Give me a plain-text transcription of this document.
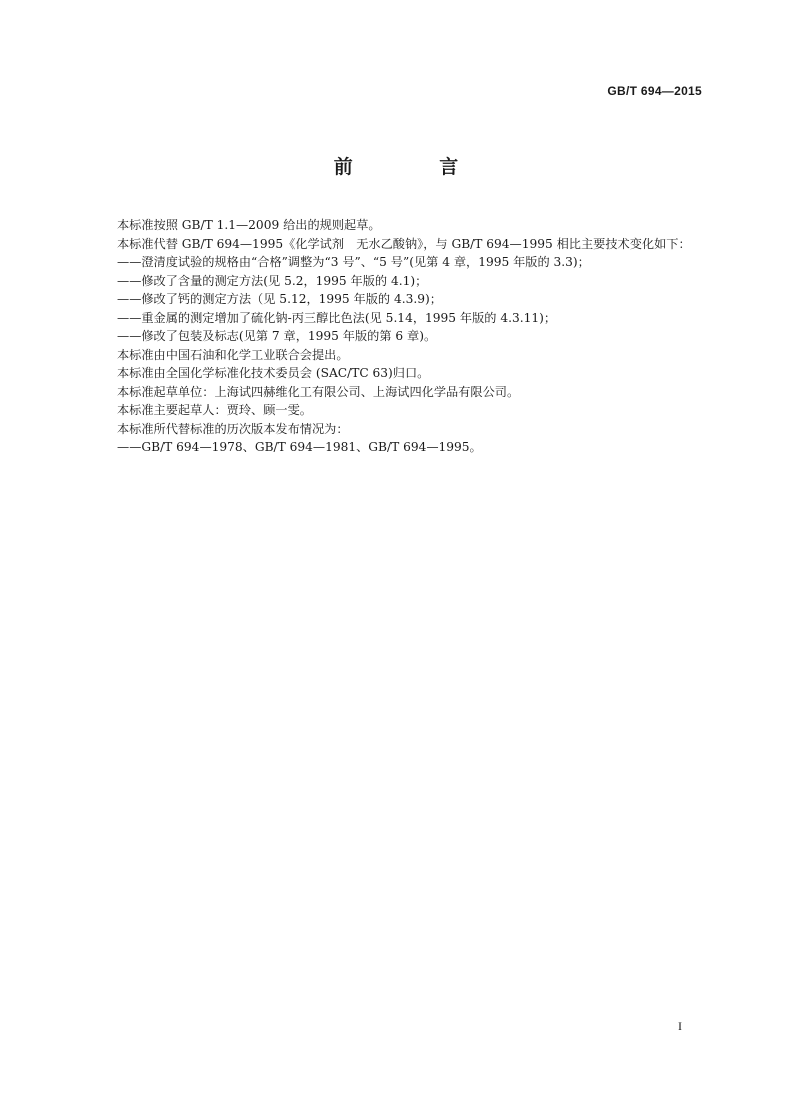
GB/T 694—2015
前 言

本标准按照 GB/T 1.1—2009 给出的规则起草。

本标准代替 GB/T 694—1995《化学试剂　无水乙酸钠》，与 GB/T 694—1995 相比主要技术变化如下：

——澄清度试验的规格由“合格”调整为“3 号”、“5 号”(见第 4 章，1995 年版的 3.3)；

——修改了含量的测定方法(见 5.2，1995 年版的 4.1)；

——修改了钙的测定方法（见 5.12，1995 年版的 4.3.9)；

——重金属的测定增加了硫化钠-丙三醇比色法(见 5.14，1995 年版的 4.3.11)；

——修改了包装及标志(见第 7 章，1995 年版的第 6 章)。

本标准由中国石油和化学工业联合会提出。

本标准由全国化学标准化技术委员会 (SAC/TC 63)归口。

本标准起草单位：上海试四赫维化工有限公司、上海试四化学品有限公司。

本标准主要起草人：贾玲、顾一雯。

本标准所代替标准的历次版本发布情况为：

——GB/T 694—1978、GB/T 694—1981、GB/T 694—1995。

I
